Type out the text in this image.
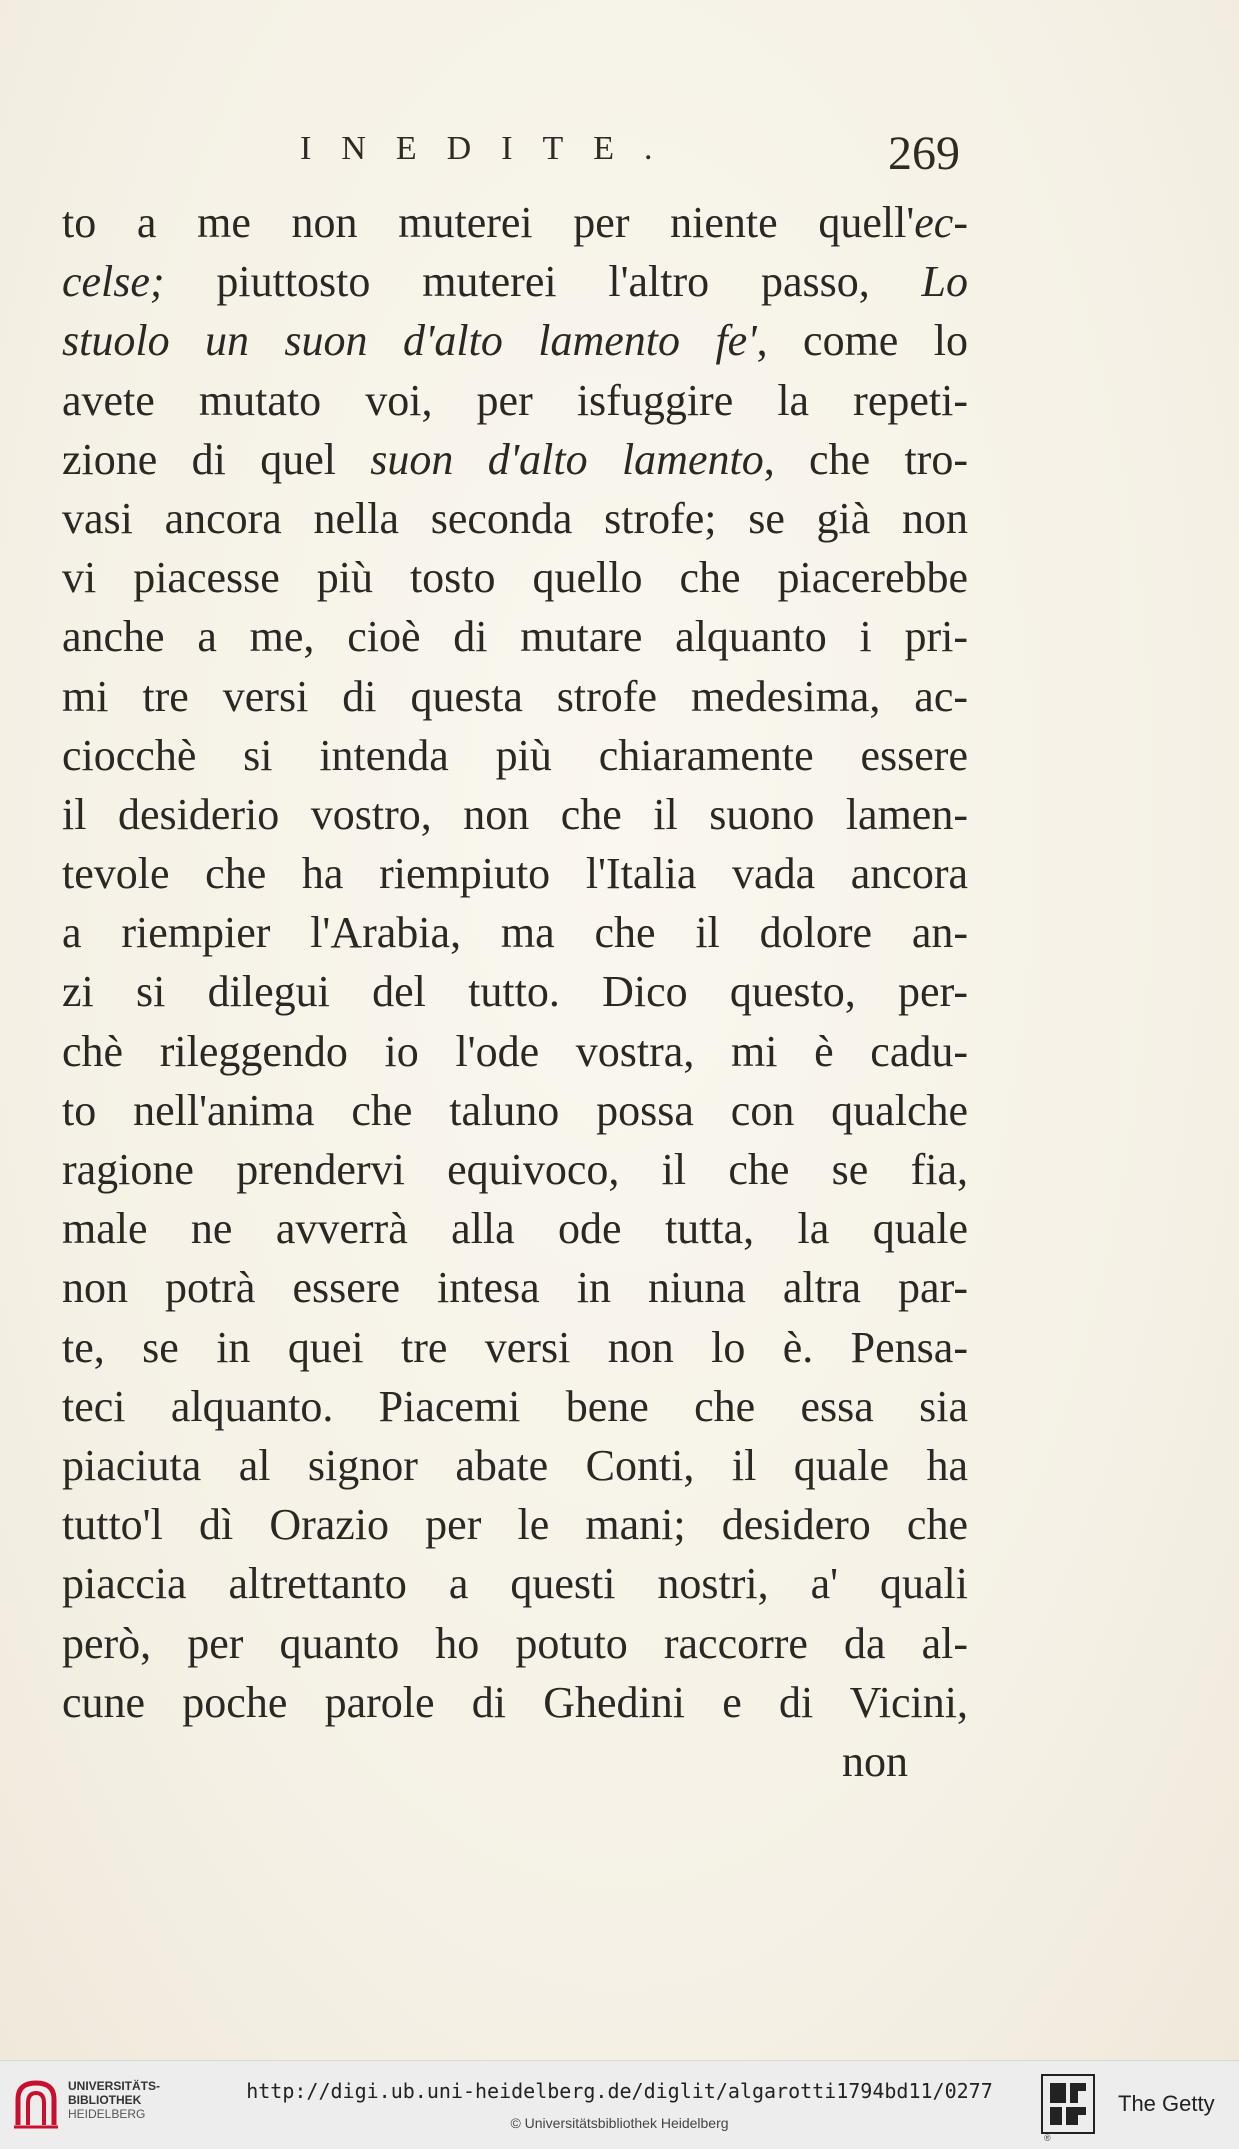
INEDITE.	269
to a me non muterei per niente quell'ec-
celse; piuttosto muterei l'altro passo, Lo
stuolo un suon d'alto lamento fe', come lo
avete mutato voi, per isfuggire la repeti-
zione di quel suon d'alto lamento, che tro-
vasi ancora nella seconda strofe; se già non
vi piacesse più tosto quello che piacerebbe
anche a me, cioè di mutare alquanto i pri-
mi tre versi di questa strofe medesima, ac-
ciocchè si intenda più chiaramente essere
il desiderio vostro, non che il suono lamen-
tevole che ha riempiuto l'Italia vada ancora
a riempier l'Arabia, ma che il dolore an-
zi si dilegui del tutto. Dico questo, per-
chè rileggendo io l'ode vostra, mi è cadu-
to nell'anima che taluno possa con qualche
ragione prendervi equivoco, il che se fia,
male ne avverrà alla ode tutta, la quale
non potrà essere intesa in niuna altra par-
te, se in quei tre versi non lo è. Pensa-
teci alquanto. Piacemi bene che essa sia
piaciuta al signor abate Conti, il quale ha
tutto'l dì Orazio per le mani; desidero che
piaccia altrettanto a questi nostri, a' quali
però, per quanto ho potuto raccorre da al-
cune poche parole di Ghedini e di Vicini,
non
UNIVERSITÄTS-
BIBLIOTHEK
HEIDELBERG
http://digi.ub.uni-heidelberg.de/diglit/algarotti1794bd11/0277
© Universitätsbibliothek Heidelberg
The Getty
®
